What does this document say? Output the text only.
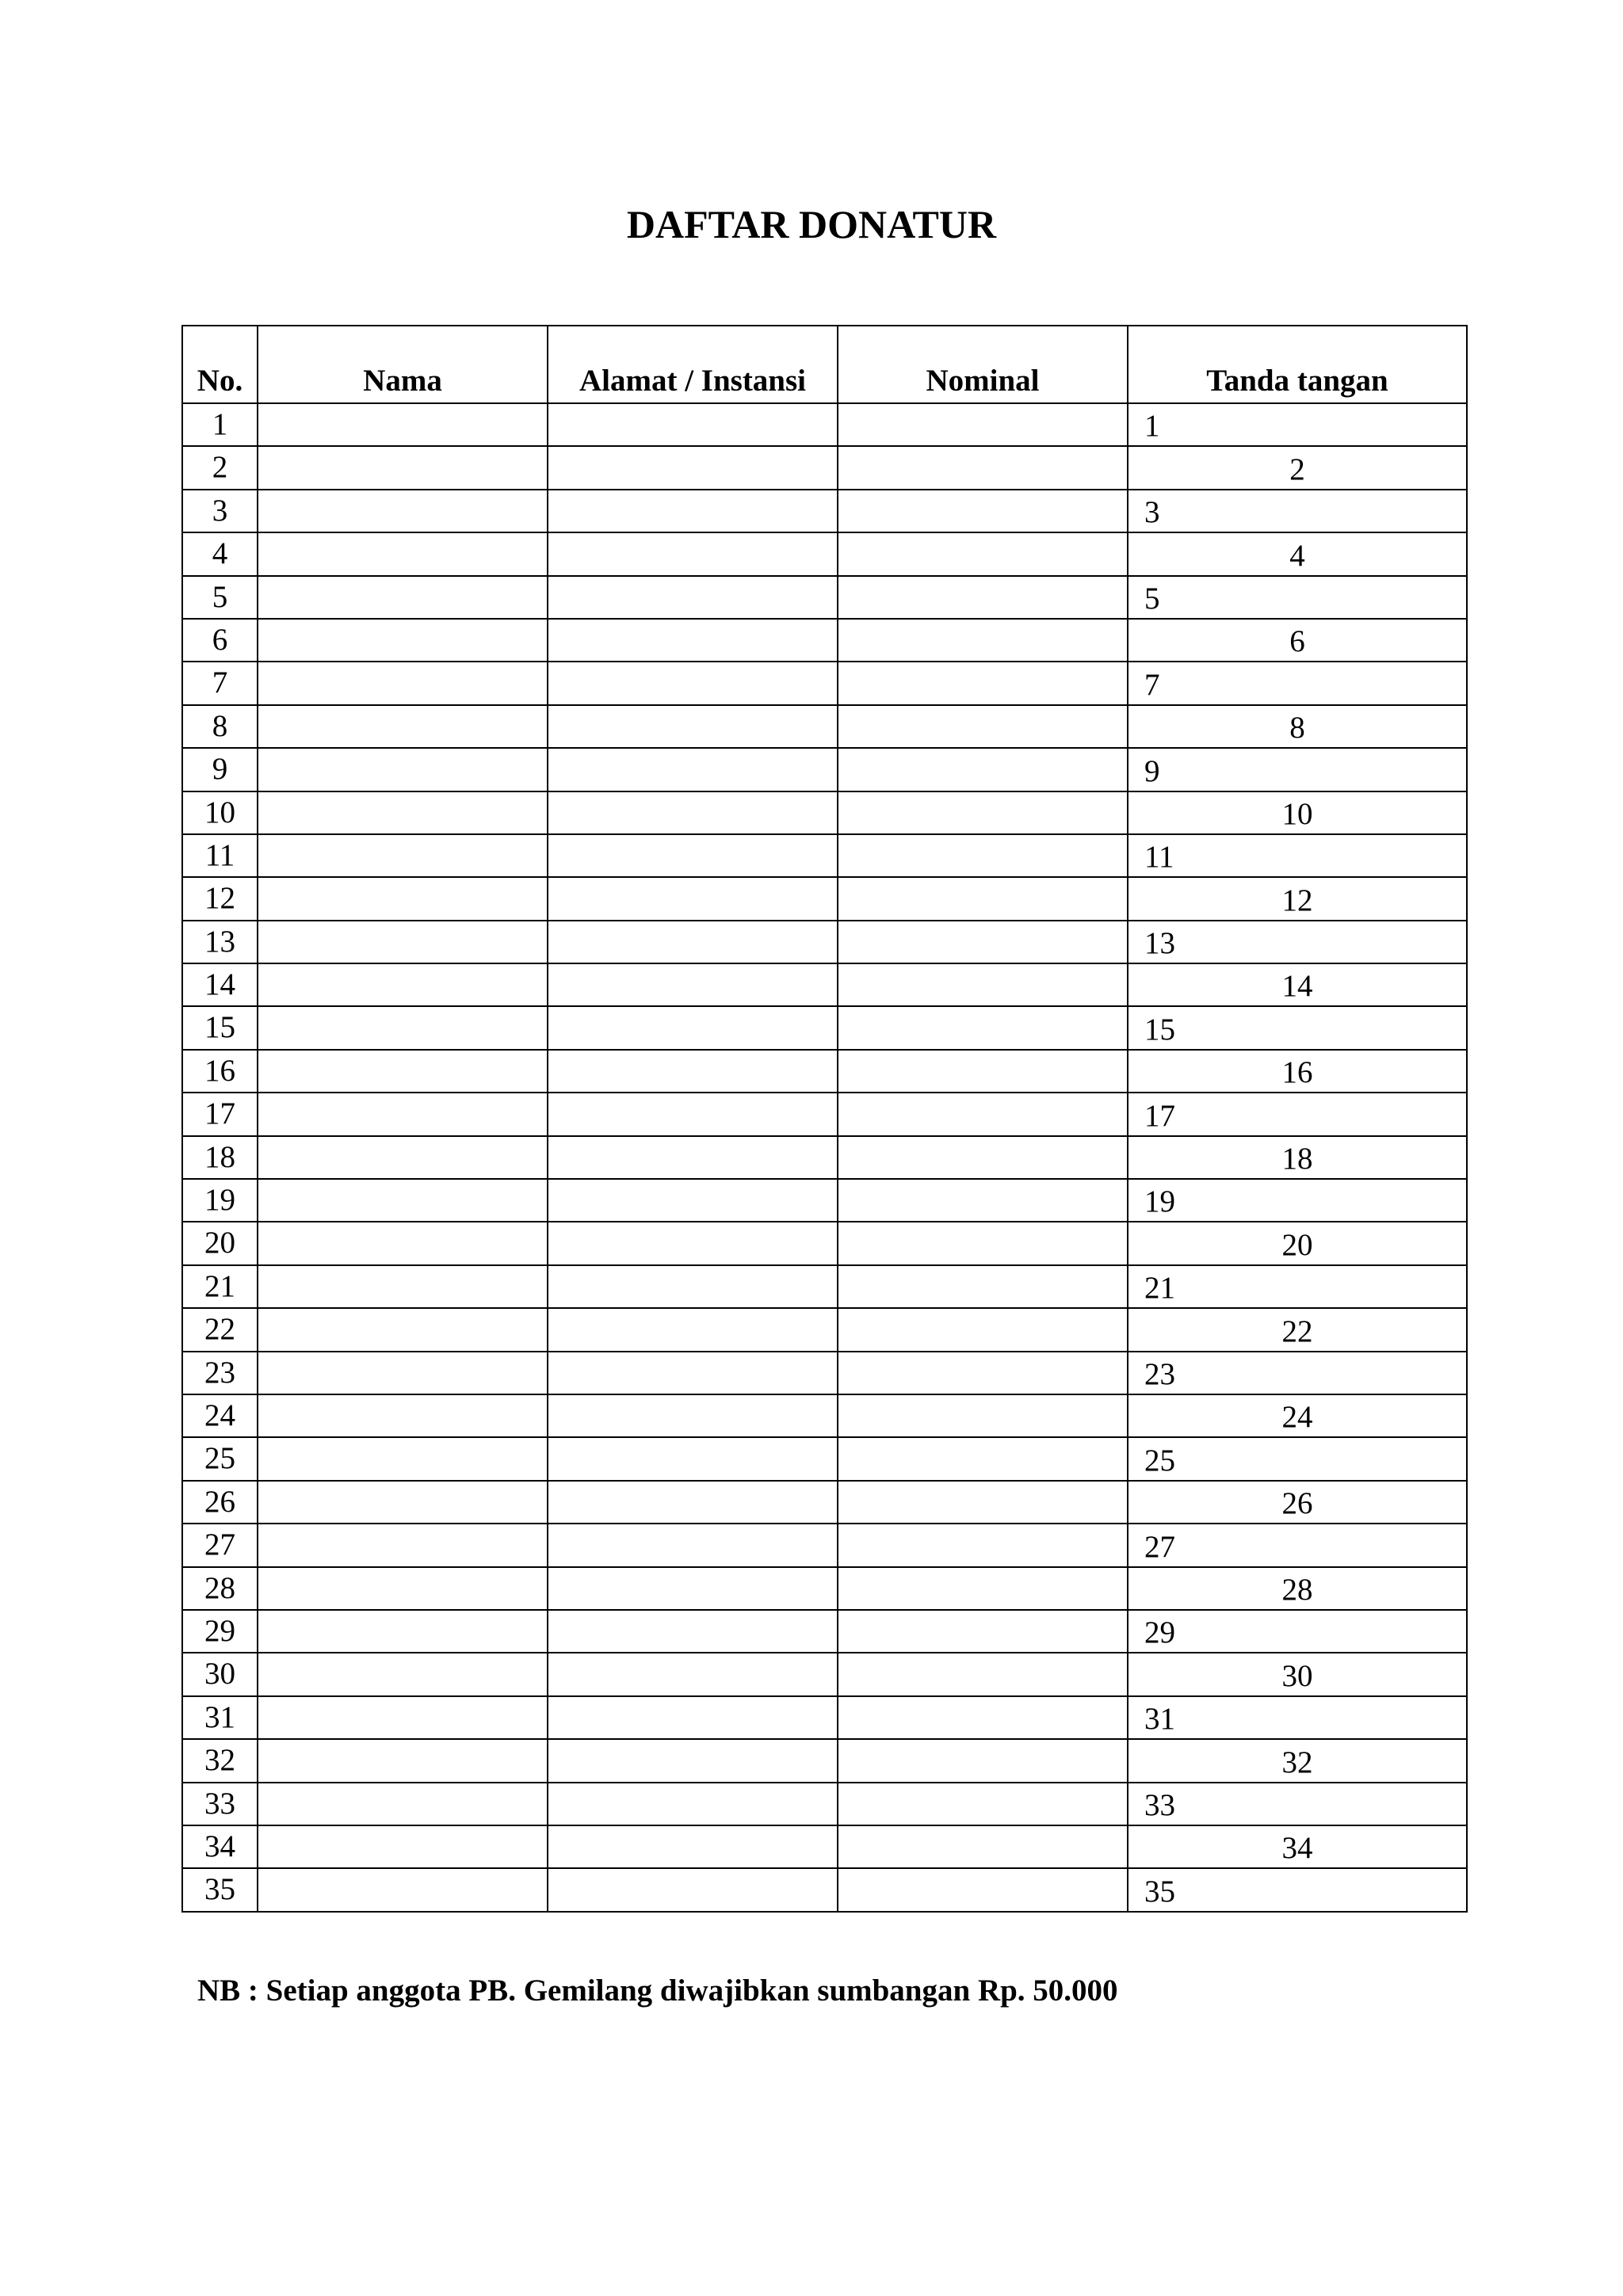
DAFTAR DONATUR
No.	Nama	Alamat / Instansi	Nominal	Tanda tangan
1				1
2				2
3				3
4				4
5				5
6				6
7				7
8				8
9				9
10				10
11				11
12				12
13				13
14				14
15				15
16				16
17				17
18				18
19				19
20				20
21				21
22				22
23				23
24				24
25				25
26				26
27				27
28				28
29				29
30				30
31				31
32				32
33				33
34				34
35				35

NB : Setiap anggota PB. Gemilang diwajibkan sumbangan Rp. 50.000
